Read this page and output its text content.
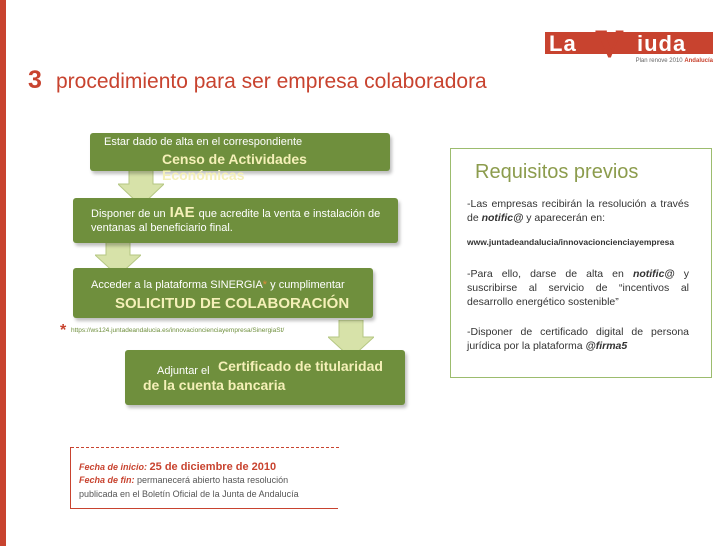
La V iuda
Plan renove 2010 Andalucía
3 procedimiento para ser empresa colaboradora
Estar dado de alta en el correspondiente
Censo de Actividades Económicas
Disponer de un IAE que acredite la venta e instalación de
ventanas al beneficiario final.
Acceder a la plataforma SINERGIA* y cumplimentar
SOLICITUD DE COLABORACIÓN
* https://ws124.juntadeandalucia.es/innovacioncienciayempresa/SinergiaSt/
Adjuntar el Certificado de titularidad
de la cuenta bancaria
Requisitos previos

-Las empresas recibirán la resolución a través de notific@ y aparecerán en:

www.juntadeandalucia/innovacioncienciayempresa

-Para ello, darse de alta en notific@ y suscribirse al servicio de “incentivos al desarrollo energético sostenible”

-Disponer de certificado digital de persona jurídica por la plataforma @firma5

Fecha de inicio: 25 de diciembre de 2010
Fecha de fin: permanecerá abierto hasta resolución
publicada en el Boletín Oficial de la Junta de Andalucía
